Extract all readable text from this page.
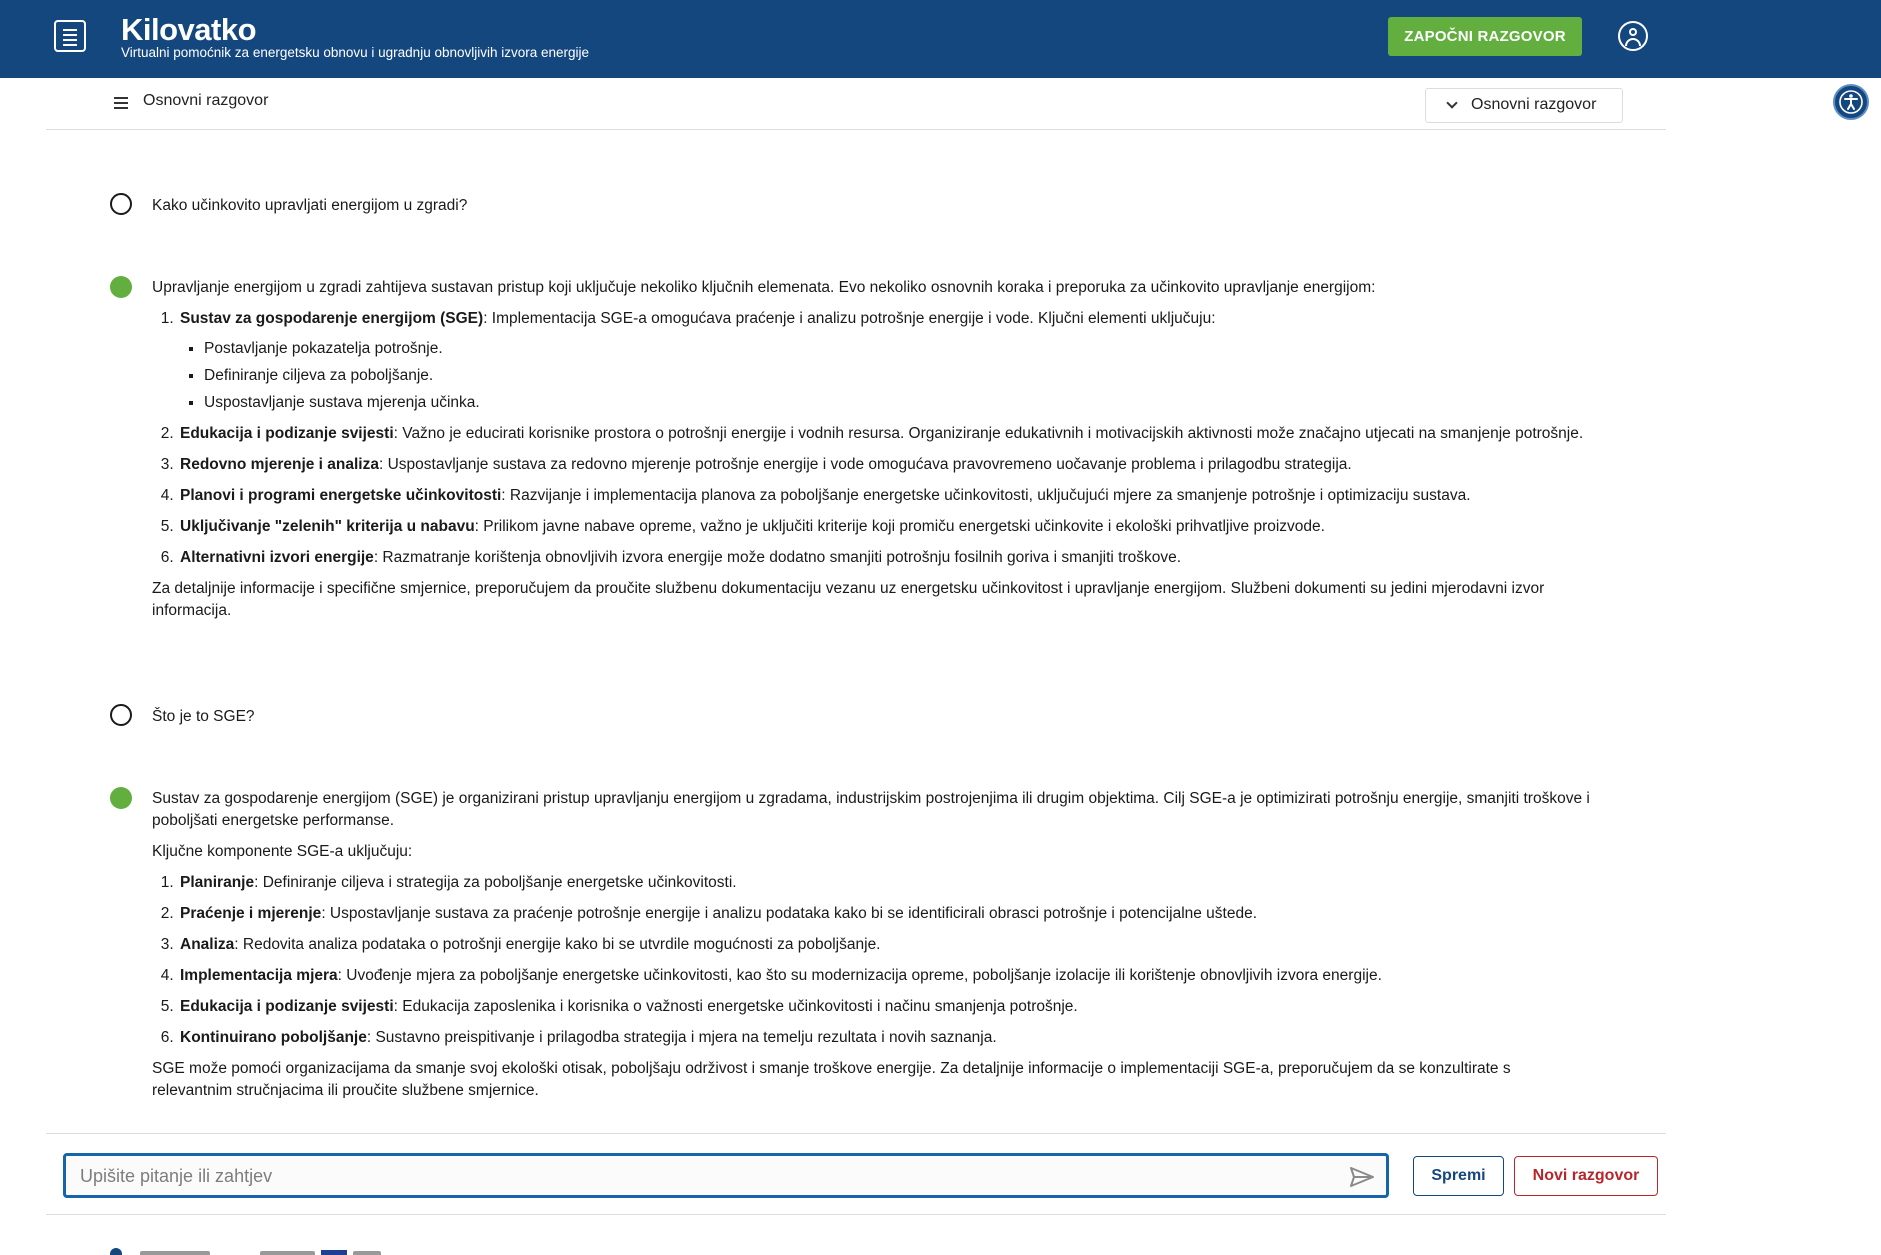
Kilovatko
Virtualni pomoćnik za energetsku obnovu i ugradnju obnovljivih izvora energije
ZAPOČNI RAZGOVOR
Osnovni razgovor	Osnovni razgovor

Kako učinkovito upravljati energijom u zgradi?

Upravljanje energijom u zgradi zahtijeva sustavan pristup koji uključuje nekoliko ključnih elemenata. Evo nekoliko osnovnih koraka i preporuka za učinkovito upravljanje energijom:

1. Sustav za gospodarenje energijom (SGE): Implementacija SGE-a omogućava praćenje i analizu potrošnje energije i vode. Ključni elementi uključuju:
▪ Postavljanje pokazatelja potrošnje.
▪ Definiranje ciljeva za poboljšanje.
▪ Uspostavljanje sustava mjerenja učinka.
2. Edukacija i podizanje svijesti: Važno je educirati korisnike prostora o potrošnji energije i vodnih resursa. Organiziranje edukativnih i motivacijskih aktivnosti može značajno utjecati na smanjenje potrošnje.
3. Redovno mjerenje i analiza: Uspostavljanje sustava za redovno mjerenje potrošnje energije i vode omogućava pravovremeno uočavanje problema i prilagodbu strategija.
4. Planovi i programi energetske učinkovitosti: Razvijanje i implementacija planova za poboljšanje energetske učinkovitosti, uključujući mjere za smanjenje potrošnje i optimizaciju sustava.
5. Uključivanje "zelenih" kriterija u nabavu: Prilikom javne nabave opreme, važno je uključiti kriterije koji promiču energetski učinkovite i ekološki prihvatljive proizvode.
6. Alternativni izvori energije: Razmatranje korištenja obnovljivih izvora energije može dodatno smanjiti potrošnju fosilnih goriva i smanjiti troškove.

Za detaljnije informacije i specifične smjernice, preporučujem da proučite službenu dokumentaciju vezanu uz energetsku učinkovitost i upravljanje energijom. Službeni dokumenti su jedini mjerodavni izvor informacija.

Što je to SGE?

Sustav za gospodarenje energijom (SGE) je organizirani pristup upravljanju energijom u zgradama, industrijskim postrojenjima ili drugim objektima. Cilj SGE-a je optimizirati potrošnju energije, smanjiti troškove i poboljšati energetske performanse.

Ključne komponente SGE-a uključuju:

1. Planiranje: Definiranje ciljeva i strategija za poboljšanje energetske učinkovitosti.
2. Praćenje i mjerenje: Uspostavljanje sustava za praćenje potrošnje energije i analizu podataka kako bi se identificirali obrasci potrošnje i potencijalne uštede.
3. Analiza: Redovita analiza podataka o potrošnji energije kako bi se utvrdile mogućnosti za poboljšanje.
4. Implementacija mjera: Uvođenje mjera za poboljšanje energetske učinkovitosti, kao što su modernizacija opreme, poboljšanje izolacije ili korištenje obnovljivih izvora energije.
5. Edukacija i podizanje svijesti: Edukacija zaposlenika i korisnika o važnosti energetske učinkovitosti i načinu smanjenja potrošnje.
6. Kontinuirano poboljšanje: Sustavno preispitivanje i prilagodba strategija i mjera na temelju rezultata i novih saznanja.

SGE može pomoći organizacijama da smanje svoj ekološki otisak, poboljšaju održivost i smanje troškove energije. Za detaljnije informacije o implementaciji SGE-a, preporučujem da se konzultirate s relevantnim stručnjacima ili proučite službene smjernice.

Upišite pitanje ili zahtjev
Spremi	Novi razgovor
